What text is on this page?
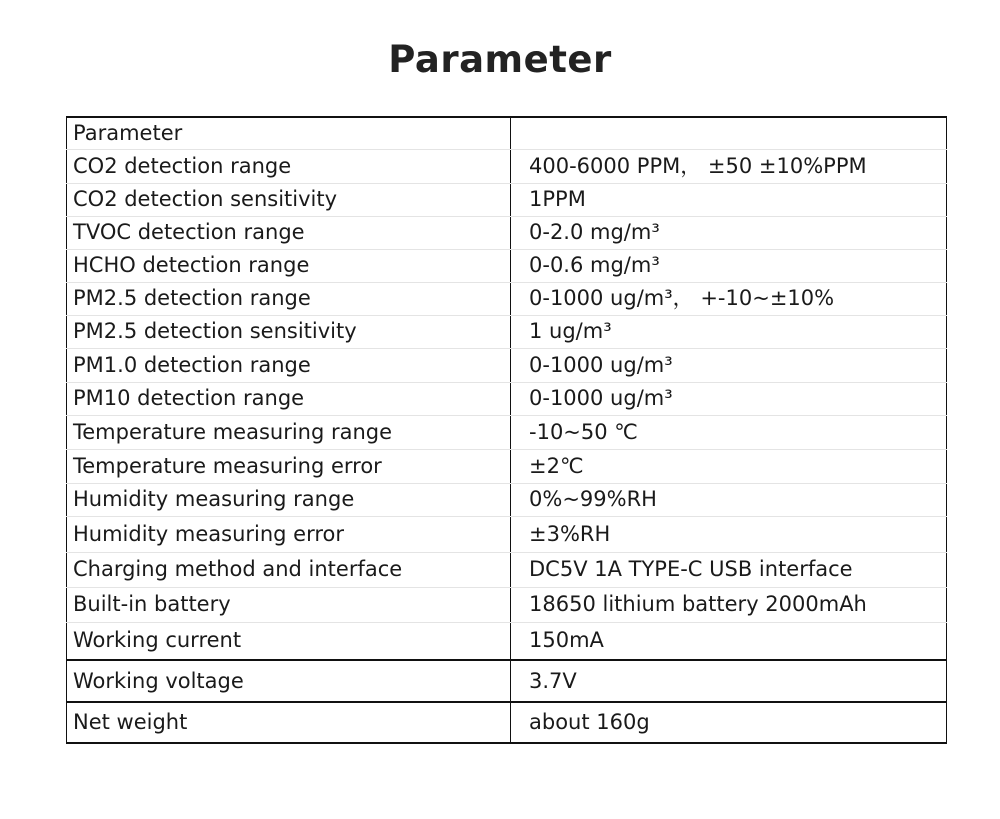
Parameter
Parameter	
CO2 detection range	400-6000 PPM， ±50 ±10%PPM
CO2 detection sensitivity	1PPM
TVOC detection range	0-2.0 mg/m³
HCHO detection range	0-0.6 mg/m³
PM2.5 detection range	0-1000 ug/m³， +-10~±10%
PM2.5 detection sensitivity	1 ug/m³
PM1.0 detection range	0-1000 ug/m³
PM10 detection range	0-1000 ug/m³
Temperature measuring range	-10~50 ℃
Temperature measuring error	±2℃
Humidity measuring range	0%~99%RH
Humidity measuring error	±3%RH
Charging method and interface	DC5V 1A TYPE-C USB interface
Built-in battery	18650 lithium battery 2000mAh
Working current	150mA
Working voltage	3.7V
Net weight	about 160g
